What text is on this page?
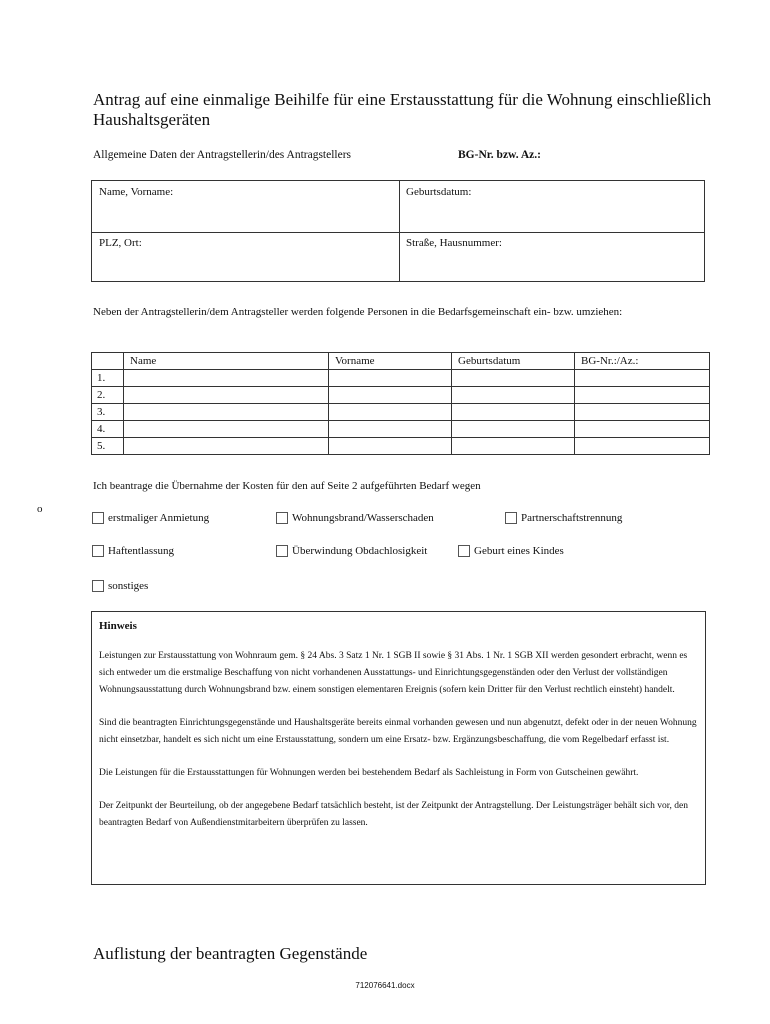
Antrag auf eine einmalige Beihilfe für eine Erstausstattung für die Wohnung einschließlich Haushaltsgeräten
Allgemeine Daten der Antragstellerin/des Antragstellers	BG-Nr. bzw. Az.:
Name, Vorname:	Geburtsdatum:
PLZ, Ort:	Straße, Hausnummer:
Neben der Antragstellerin/dem Antragsteller werden folgende Personen in die Bedarfsgemeinschaft ein- bzw. umziehen:
	Name	Vorname	Geburtsdatum	BG-Nr.:/Az.:
1.				
2.				
3.				
4.				
5.				
Ich beantrage die Übernahme der Kosten für den auf Seite 2 aufgeführten Bedarf wegen
o
erstmaliger Anmietung	Wohnungsbrand/Wasserschaden	Partnerschaftstrennung
Haftentlassung	Überwindung Obdachlosigkeit	Geburt eines Kindes
sonstiges
Hinweis

Leistungen zur Erstausstattung von Wohnraum gem. § 24 Abs. 3 Satz 1 Nr. 1 SGB II sowie § 31 Abs. 1 Nr. 1 SGB XII werden gesondert erbracht, wenn es sich entweder um die erstmalige Beschaffung von nicht vorhandenen Ausstattungs- und Einrichtungsgegenständen oder den Verlust der vollständigen Wohnungsausstattung durch Wohnungsbrand bzw. einem sonstigen elementaren Ereignis (sofern kein Dritter für den Verlust rechtlich einsteht) handelt.

Sind die beantragten Einrichtungsgegenstände und Haushaltsgeräte bereits einmal vorhanden gewesen und nun abgenutzt, defekt oder in der neuen Wohnung nicht einsetzbar, handelt es sich nicht um eine Erstausstattung, sondern um eine Ersatz- bzw. Ergänzungsbeschaffung, die vom Regelbedarf erfasst ist.

Die Leistungen für die Erstausstattungen für Wohnungen werden bei bestehendem Bedarf als Sachleistung in Form von Gutscheinen gewährt.

Der Zeitpunkt der Beurteilung, ob der angegebene Bedarf tatsächlich besteht, ist der Zeitpunkt der Antragstellung. Der Leistungsträger behält sich vor, den beantragten Bedarf von Außendienstmitarbeitern überprüfen zu lassen.

Auflistung der beantragten Gegenstände
712076641.docx
